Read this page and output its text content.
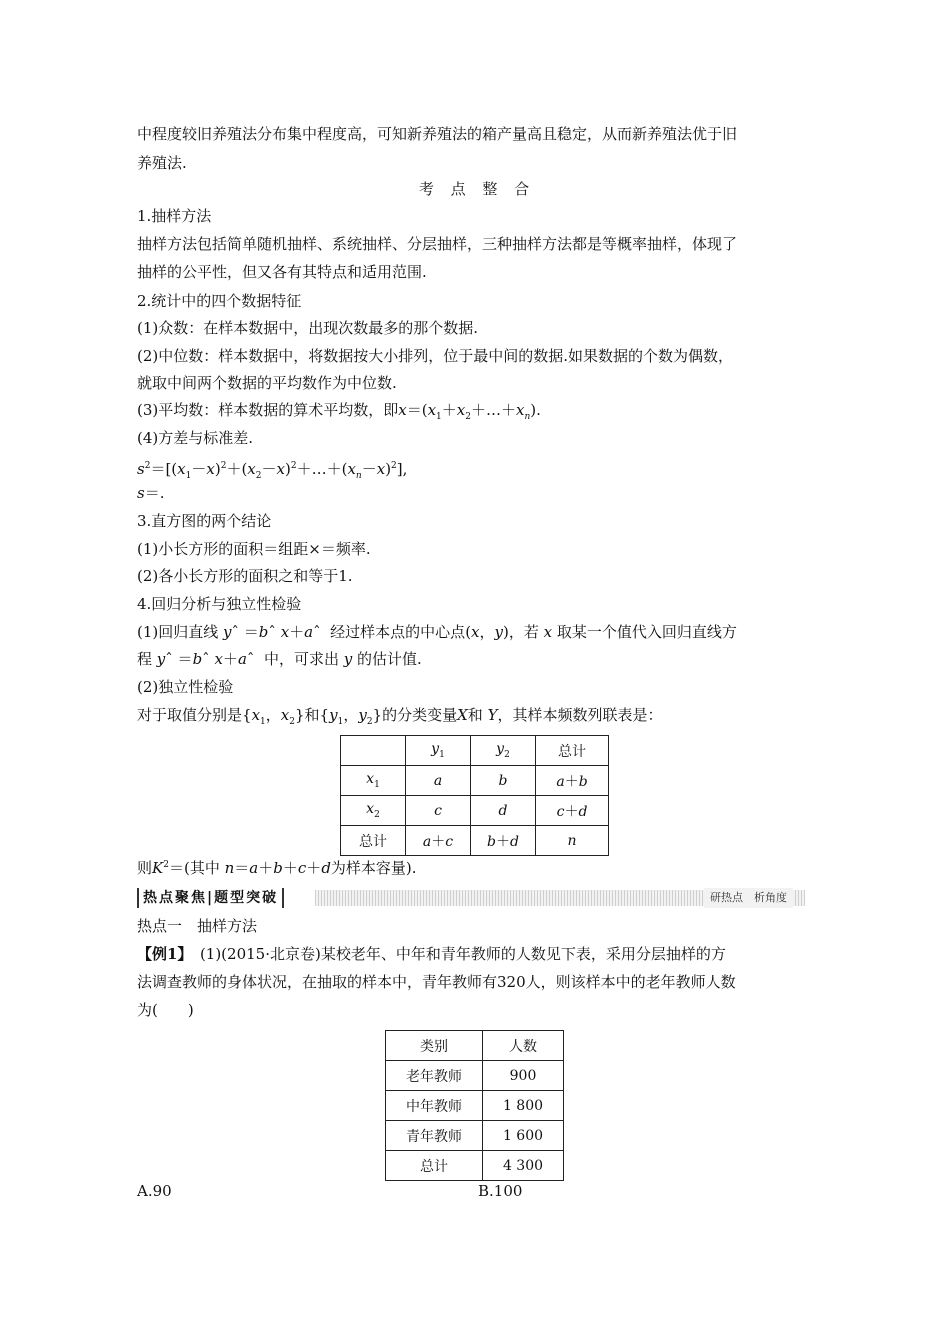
中程度较旧养殖法分布集中程度高，可知新养殖法的箱产量高且稳定，从而新养殖法优于旧
养殖法.
考 点 整 合
1.抽样方法
抽样方法包括简单随机抽样、系统抽样、分层抽样，三种抽样方法都是等概率抽样，体现了
抽样的公平性，但又各有其特点和适用范围.
2.统计中的四个数据特征
(1)众数：在样本数据中，出现次数最多的那个数据.
(2)中位数：样本数据中，将数据按大小排列，位于最中间的数据.如果数据的个数为偶数，
就取中间两个数据的平均数作为中位数.
(3)平均数：样本数据的算术平均数，即$x=(x_1+x_2+\dots+x_n)$.
(4)方差与标准差.
$s^2=[(x_1-x)^2+(x_2-x)^2+\dots+(x_n-x)^2]$,
s＝.
3.直方图的两个结论
(1)小长方形的面积＝组距×＝频率.
(2)各小长方形的面积之和等于1.
4.回归分析与独立性检验
(1)回归直线 yˆ ＝bˆ x＋aˆ  经过样本点的中心点(x，y)，若 x 取某一个值代入回归直线方
程 yˆ ＝bˆ x＋aˆ  中，可求出 y 的估计值.
(2)独立性检验
对于取值分别是{$x_1$，$x_2$}和{$y_1$，$y_2$}的分类变量X和 Y，其样本频数列联表是：
	$y_1$	$y_2$	总计
$x_1$	a	b	a＋b
$x_2$	c	d	c＋d
总计	a＋c	b＋d	n
则$K^2=$(其中 n＝a＋b＋c＋d为样本容量).
热点聚焦|题型突破	研热点　析角度
热点一　抽样方法
【例1】　(1)(2015·北京卷)某校老年、中年和青年教师的人数见下表，采用分层抽样的方
法调查教师的身体状况，在抽取的样本中，青年教师有320人，则该样本中的老年教师人数
为(　　)
类别	人数
老年教师	900
中年教师	1 800
青年教师	1 600
总计	4 300
A.90	B.100
